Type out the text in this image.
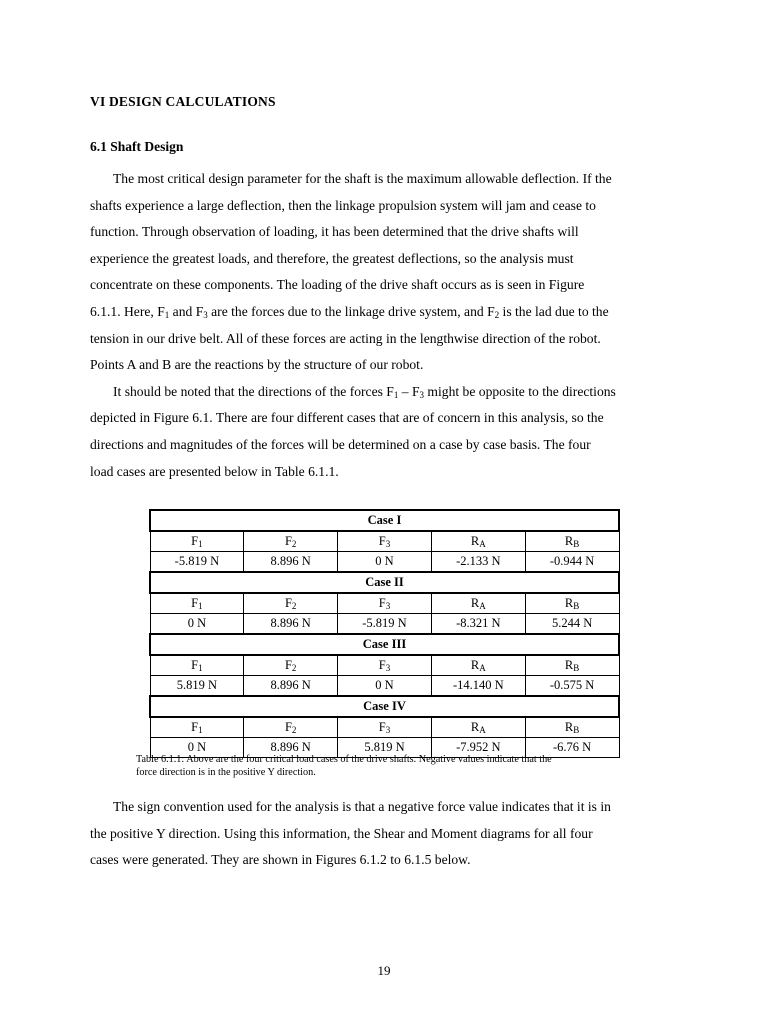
VI DESIGN CALCULATIONS
6.1 Shaft Design
The most critical design parameter for the shaft is the maximum allowable deflection. If the
shafts experience a large deflection, then the linkage propulsion system will jam and cease to
function. Through observation of loading, it has been determined that the drive shafts will
experience the greatest loads, and therefore, the greatest deflections, so the analysis must
concentrate on these components. The loading of the drive shaft occurs as is seen in Figure
6.1.1. Here, $F_1$ and $F_3$ are the forces due to the linkage drive system, and $F_2$ is the lad due to the
tension in our drive belt. All of these forces are acting in the lengthwise direction of the robot.
Points A and B are the reactions by the structure of our robot.
It should be noted that the directions of the forces $F_1 - F_3$ might be opposite to the directions
depicted in Figure 6.1. There are four different cases that are of concern in this analysis, so the
directions and magnitudes of the forces will be determined on a case by case basis. The four
load cases are presented below in Table 6.1.1.
Case I				
$F_1$	$F_2$	$F_3$	$R_A$	$R_B$
-5.819 N	8.896 N	0 N	-2.133 N	-0.944 N
Case II				
$F_1$	$F_2$	$F_3$	$R_A$	$R_B$
0 N	8.896 N	-5.819 N	-8.321 N	5.244 N
Case III				
$F_1$	$F_2$	$F_3$	$R_A$	$R_B$
5.819 N	8.896 N	0 N	-14.140 N	-0.575 N
Case IV				
$F_1$	$F_2$	$F_3$	$R_A$	$R_B$
0 N	8.896 N	5.819 N	-7.952 N	-6.76 N
Table 6.1.1: Above are the four critical load cases of the drive shafts. Negative values indicate that the
force direction is in the positive Y direction.
The sign convention used for the analysis is that a negative force value indicates that it is in
the positive Y direction. Using this information, the Shear and Moment diagrams for all four
cases were generated. They are shown in Figures 6.1.2 to 6.1.5 below.
19
